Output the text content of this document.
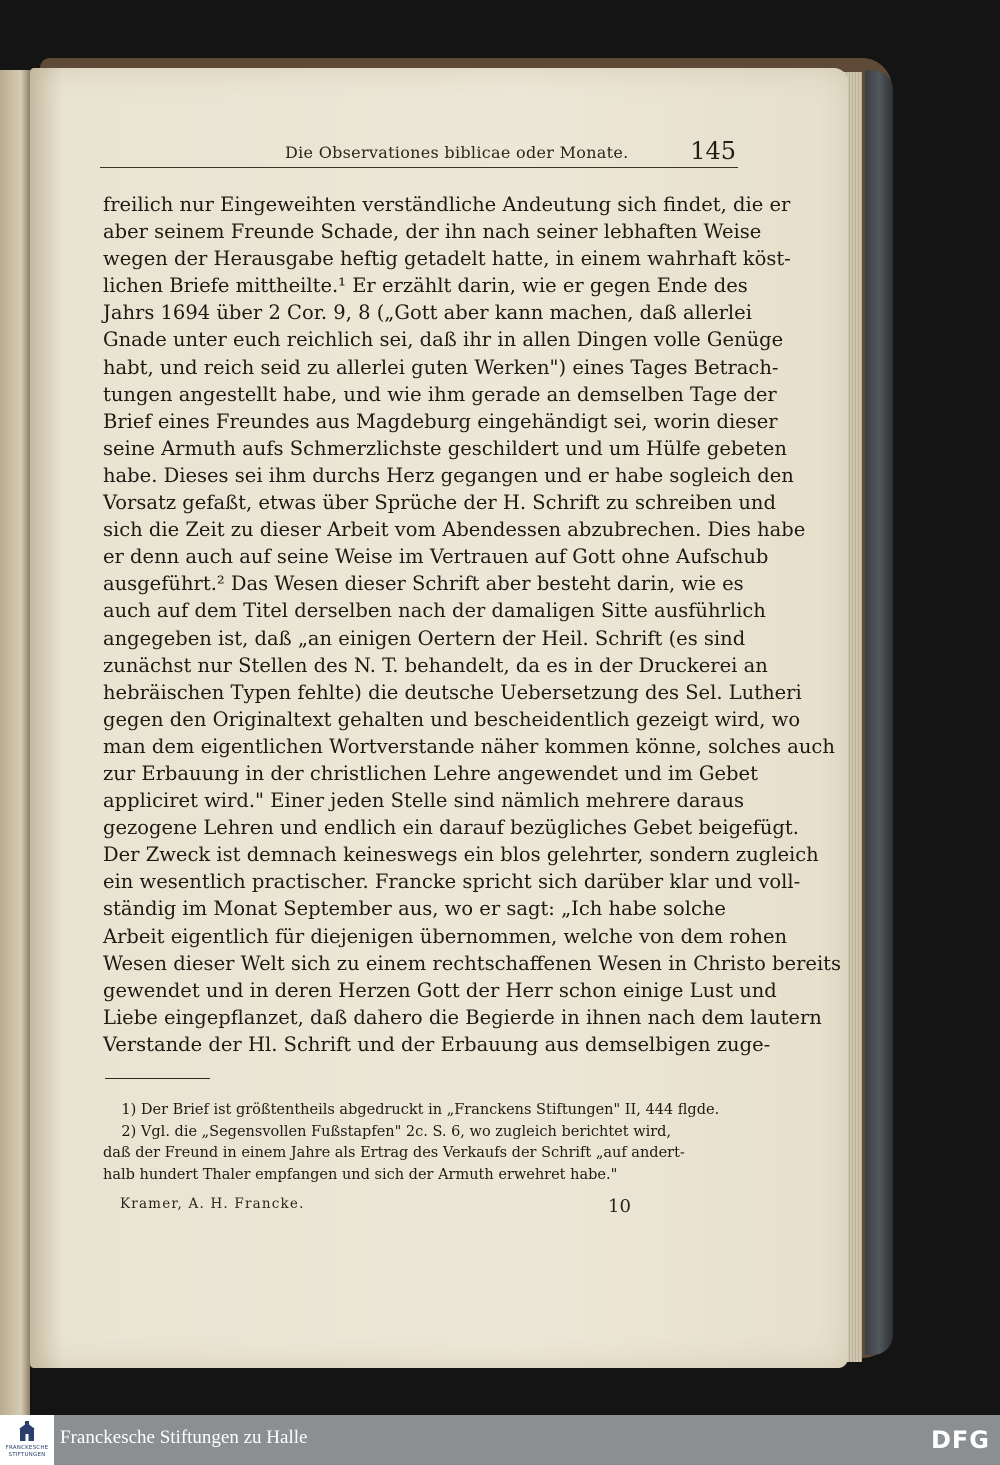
Die Observationes biblicae oder Monate.	145
freilich nur Eingeweihten verständliche Andeutung sich findet, die er
aber seinem Freunde Schade, der ihn nach seiner lebhaften Weise
wegen der Herausgabe heftig getadelt hatte, in einem wahrhaft köst-
lichen Briefe mittheilte.¹ Er erzählt darin, wie er gegen Ende des
Jahrs 1694 über 2 Cor. 9, 8 („Gott aber kann machen, daß allerlei
Gnade unter euch reichlich sei, daß ihr in allen Dingen volle Genüge
habt, und reich seid zu allerlei guten Werken") eines Tages Betrach-
tungen angestellt habe, und wie ihm gerade an demselben Tage der
Brief eines Freundes aus Magdeburg eingehändigt sei, worin dieser
seine Armuth aufs Schmerzlichste geschildert und um Hülfe gebeten
habe. Dieses sei ihm durchs Herz gegangen und er habe sogleich den
Vorsatz gefaßt, etwas über Sprüche der H. Schrift zu schreiben und
sich die Zeit zu dieser Arbeit vom Abendessen abzubrechen. Dies habe
er denn auch auf seine Weise im Vertrauen auf Gott ohne Aufschub
ausgeführt.² Das Wesen dieser Schrift aber besteht darin, wie es
auch auf dem Titel derselben nach der damaligen Sitte ausführlich
angegeben ist, daß „an einigen Oertern der Heil. Schrift (es sind
zunächst nur Stellen des N. T. behandelt, da es in der Druckerei an
hebräischen Typen fehlte) die deutsche Uebersetzung des Sel. Lutheri
gegen den Originaltext gehalten und bescheidentlich gezeigt wird, wo
man dem eigentlichen Wortverstande näher kommen könne, solches auch
zur Erbauung in der christlichen Lehre angewendet und im Gebet
appliciret wird." Einer jeden Stelle sind nämlich mehrere daraus
gezogene Lehren und endlich ein darauf bezügliches Gebet beigefügt.
Der Zweck ist demnach keineswegs ein blos gelehrter, sondern zugleich
ein wesentlich practischer. Francke spricht sich darüber klar und voll-
ständig im Monat September aus, wo er sagt: „Ich habe solche
Arbeit eigentlich für diejenigen übernommen, welche von dem rohen
Wesen dieser Welt sich zu einem rechtschaffenen Wesen in Christo bereits
gewendet und in deren Herzen Gott der Herr schon einige Lust und
Liebe eingepflanzet, daß dahero die Begierde in ihnen nach dem lautern
Verstande der Hl. Schrift und der Erbauung aus demselbigen zuge-
1) Der Brief ist größtentheils abgedruckt in „Franckens Stiftungen" II, 444 flgde.
2) Vgl. die „Segensvollen Fußstapfen" 2c. S. 6, wo zugleich berichtet wird,
daß der Freund in einem Jahre als Ertrag des Verkaufs der Schrift „auf andert-
halb hundert Thaler empfangen und sich der Armuth erwehret habe."
Kramer, A. H. Francke.	10
FRANCKESCHE STIFTUNGEN
Franckesche Stiftungen zu Halle	DFG
